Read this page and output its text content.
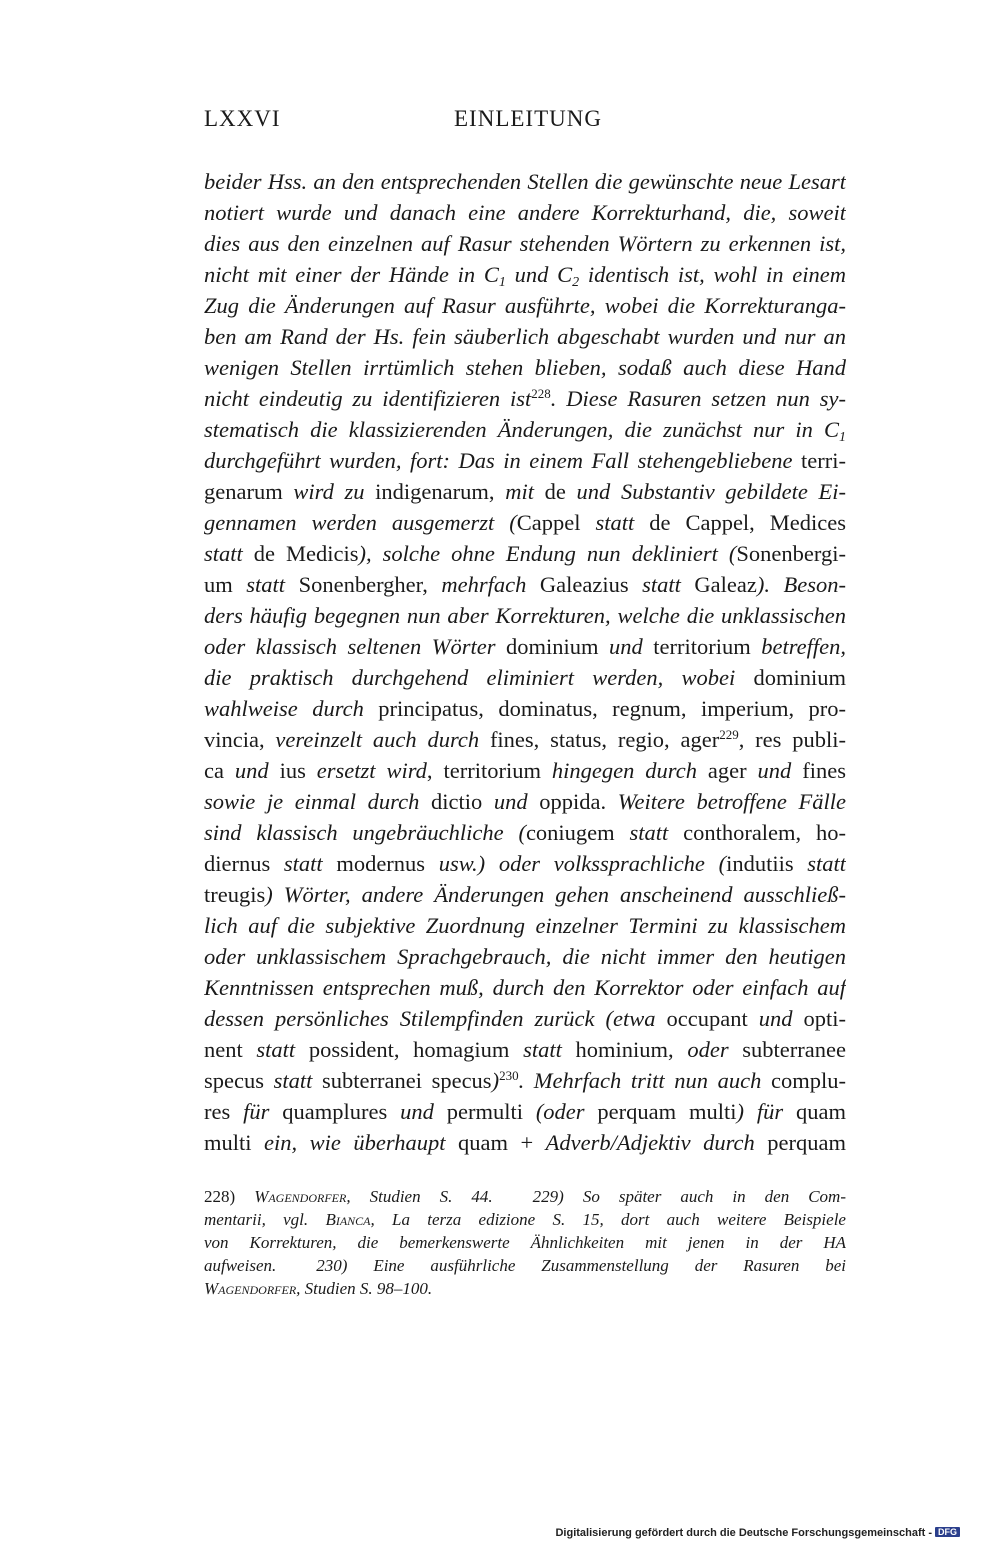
LXXVI	EINLEITUNG
beider Hss. an den entsprechenden Stellen die gewünschte neue Lesart
notiert wurde und danach eine andere Korrekturhand, die, soweit
dies aus den einzelnen auf Rasur stehenden Wörtern zu erkennen ist,
nicht mit einer der Hände in $C_1$ und $C_2$ identisch ist, wohl in einem
Zug die Änderungen auf Rasur ausführte, wobei die Korrekturanga-
ben am Rand der Hs. fein säuberlich abgeschabt wurden und nur an
wenigen Stellen irrtümlich stehen blieben, sodaß auch diese Hand
nicht eindeutig zu identifizieren ist$^{228}$. Diese Rasuren setzen nun sy-
stematisch die klassizierenden Änderungen, die zunächst nur in $C_1$
durchgeführt wurden, fort: Das in einem Fall stehengebliebene terri-
genarum wird zu indigenarum, mit de und Substantiv gebildete Ei-
gennamen werden ausgemerzt (Cappel statt de Cappel, Medices
statt de Medicis), solche ohne Endung nun dekliniert (Sonenbergi-
um statt Sonenbergher, mehrfach Galeazius statt Galeaz). Beson-
ders häufig begegnen nun aber Korrekturen, welche die unklassischen
oder klassisch seltenen Wörter dominium und territorium betreffen,
die praktisch durchgehend eliminiert werden, wobei dominium
wahlweise durch principatus, dominatus, regnum, imperium, pro-
vincia, vereinzelt auch durch fines, status, regio, ager$^{229}$, res publi-
ca und ius ersetzt wird, territorium hingegen durch ager und fines
sowie je einmal durch dictio und oppida. Weitere betroffene Fälle
sind klassisch ungebräuchliche (coniugem statt conthoralem, ho-
diernus statt modernus usw.) oder volkssprachliche (indutiis statt
treugis) Wörter, andere Änderungen gehen anscheinend ausschließ-
lich auf die subjektive Zuordnung einzelner Termini zu klassischem
oder unklassischem Sprachgebrauch, die nicht immer den heutigen
Kenntnissen entsprechen muß, durch den Korrektor oder einfach auf
dessen persönliches Stilempfinden zurück (etwa occupant und opti-
nent statt possident, homagium statt hominium, oder subterranee
specus statt subterranei specus)$^{230}$. Mehrfach tritt nun auch complu-
res für quamplures und permulti (oder perquam multi) für quam
multi ein, wie überhaupt quam + Adverb/Adjektiv durch perquam
228) Wagendorfer, Studien S. 44. 229) So später auch in den Com-
mentarii, vgl. Bianca, La terza edizione S. 15, dort auch weitere Beispiele
von Korrekturen, die bemerkenswerte Ähnlichkeiten mit jenen in der HA
aufweisen. 230) Eine ausführliche Zusammenstellung der Rasuren bei
Wagendorfer, Studien S. 98–100.
Digitalisierung gefördert durch die Deutsche Forschungsgemeinschaft - DFG
